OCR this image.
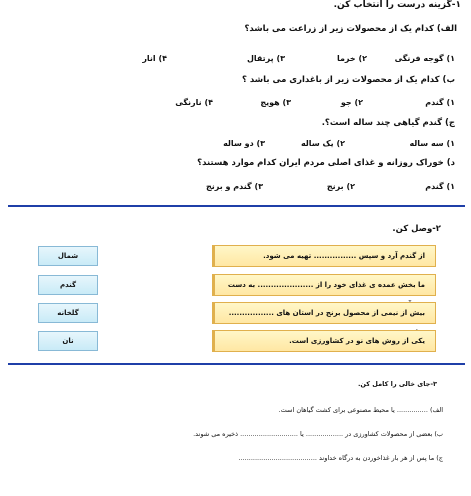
۱-گزینه درست را انتخاب کن.
الف) کدام یک از محصولات زیر از زراعت می باشد؟
۱) گوجه فرنگی
۲) خرما
۳) پرتقال
۴) انار
ب) کدام یک از محصولات زیر از باغداری می باشد ؟
۱) گندم
۲) جو
۳) هویج
۴) نارنگی
ج) گندم گیاهی چند ساله است؟.
۱) سه ساله
۲) یک ساله
۳) دو ساله
د) خوراک روزانه و غذای اصلی مردم ایران کدام موارد هستند؟
۱) گندم
۲) برنج
۳) گندم و برنج
۲-وصل کن.
شمال
گندم
گلخانه
نان
از گندم آرد و سپس ................ تهیه می شود.
ما بخش عمده ی غذای خود را از ..................... به دست
بیش از نیمی از محصول برنج در استان های .................
یکی از روش های نو در کشاورزی است.
۳-جای خالی را کامل کن.
الف) ............... یا محیط مصنوعی برای کشت گیاهان است.
ب) بعضی از محصولات کشاورزی در .................. یا ............................ ذخیره می شوند.
ج) ما پس از هر بار غذاخوردن به درگاه خداوند ......................................
